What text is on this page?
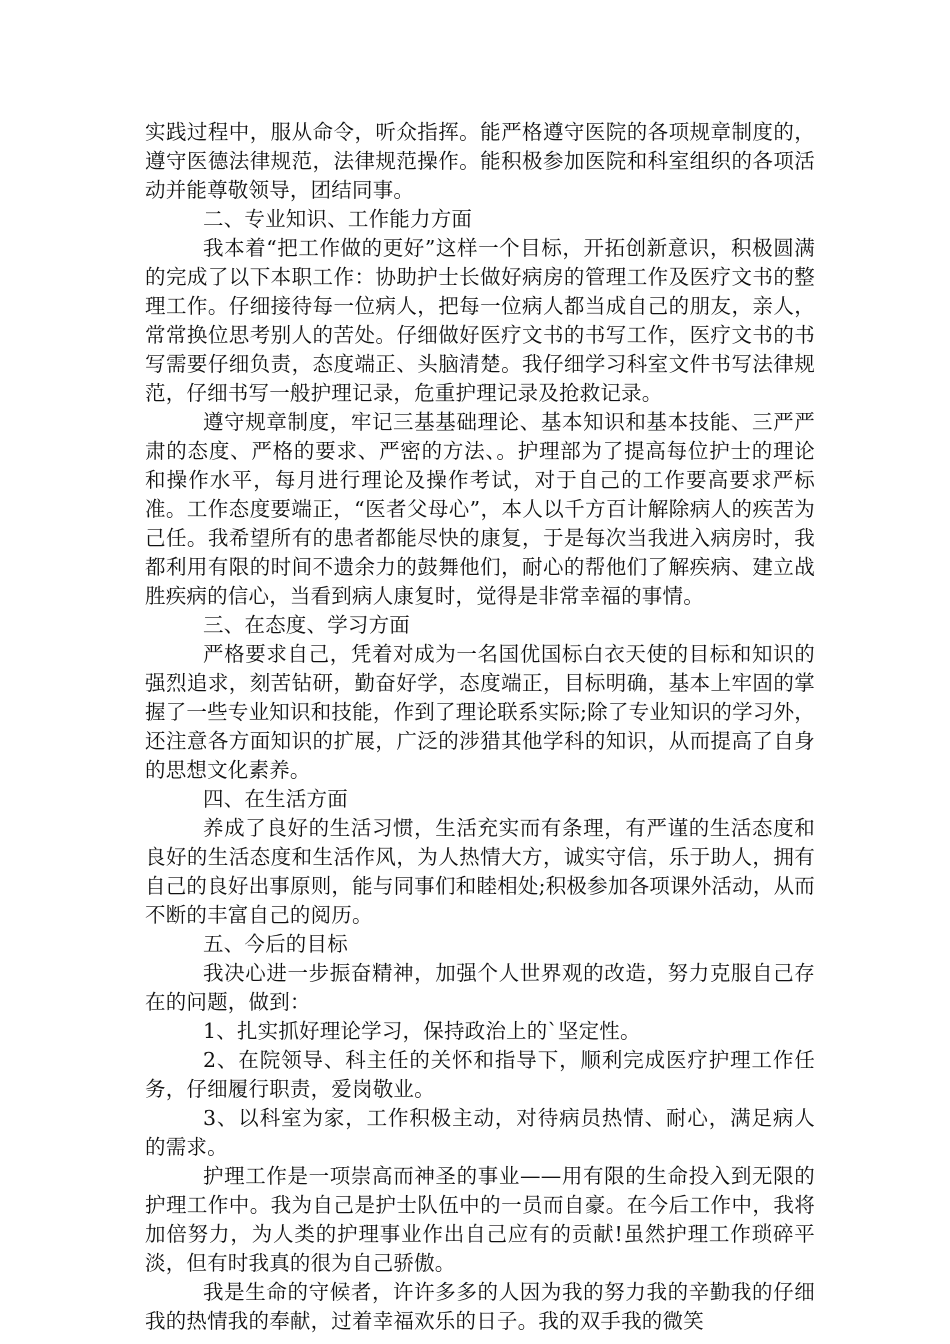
实践过程中，服从命令，听众指挥。能严格遵守医院的各项规章制度的，遵守医德法律规范，法律规范操作。能积极参加医院和科室组织的各项活动并能尊敬领导，团结同事。

二、专业知识、工作能力方面

我本着“把工作做的更好”这样一个目标，开拓创新意识，积极圆满的完成了以下本职工作：协助护士长做好病房的管理工作及医疗文书的整理工作。仔细接待每一位病人，把每一位病人都当成自己的朋友，亲人，常常换位思考别人的苦处。仔细做好医疗文书的书写工作，医疗文书的书写需要仔细负责，态度端正、头脑清楚。我仔细学习科室文件书写法律规范，仔细书写一般护理记录，危重护理记录及抢救记录。

遵守规章制度，牢记三基基础理论、基本知识和基本技能、三严严肃的态度、严格的要求、严密的方法、。护理部为了提高每位护士的理论和操作水平，每月进行理论及操作考试，对于自己的工作要高要求严标准。工作态度要端正，“医者父母心”，本人以千方百计解除病人的疾苦为己任。我希望所有的患者都能尽快的康复，于是每次当我进入病房时，我都利用有限的时间不遗余力的鼓舞他们，耐心的帮他们了解疾病、建立战胜疾病的信心，当看到病人康复时，觉得是非常幸福的事情。

三、在态度、学习方面

严格要求自己，凭着对成为一名国优国标白衣天使的目标和知识的强烈追求，刻苦钻研，勤奋好学，态度端正，目标明确，基本上牢固的掌握了一些专业知识和技能，作到了理论联系实际;除了专业知识的学习外，还注意各方面知识的扩展，广泛的涉猎其他学科的知识，从而提高了自身的思想文化素养。

四、在生活方面

养成了良好的生活习惯，生活充实而有条理，有严谨的生活态度和良好的生活态度和生活作风，为人热情大方，诚实守信，乐于助人，拥有自己的良好出事原则，能与同事们和睦相处;积极参加各项课外活动，从而不断的丰富自己的阅历。

五、今后的目标

我决心进一步振奋精神，加强个人世界观的改造，努力克服自己存在的问题，做到：

1、扎实抓好理论学习，保持政治上的`坚定性。

2、在院领导、科主任的关怀和指导下，顺利完成医疗护理工作任务，仔细履行职责，爱岗敬业。

3、以科室为家，工作积极主动，对待病员热情、耐心，满足病人的需求。

护理工作是一项崇高而神圣的事业——用有限的生命投入到无限的护理工作中。我为自己是护士队伍中的一员而自豪。在今后工作中，我将加倍努力，为人类的护理事业作出自己应有的贡献!虽然护理工作琐碎平淡，但有时我真的很为自己骄傲。

我是生命的守候者，许许多多的人因为我的努力我的辛勤我的仔细我的热情我的奉献，过着幸福欢乐的日子。我的双手我的微笑
